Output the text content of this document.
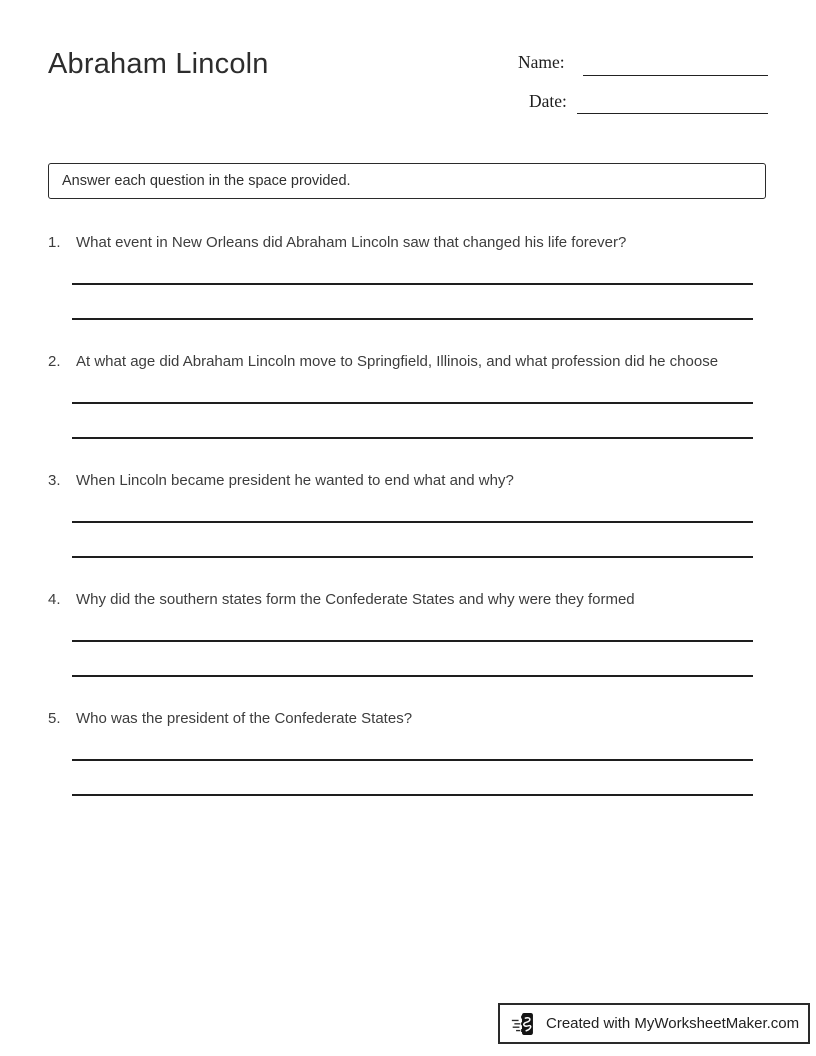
Abraham Lincoln	Name:
Date:
Answer each question in the space provided.
1.	What event in New Orleans did Abraham Lincoln saw that changed his life forever?
2.	At what age did Abraham Lincoln move to Springfield, Illinois, and what profession did he choose
3.	When Lincoln became president he wanted to end what and why?
4.	Why did the southern states form the Confederate States and why were they formed
5.	Who was the president of the Confederate States?
Created with MyWorksheetMaker.com
